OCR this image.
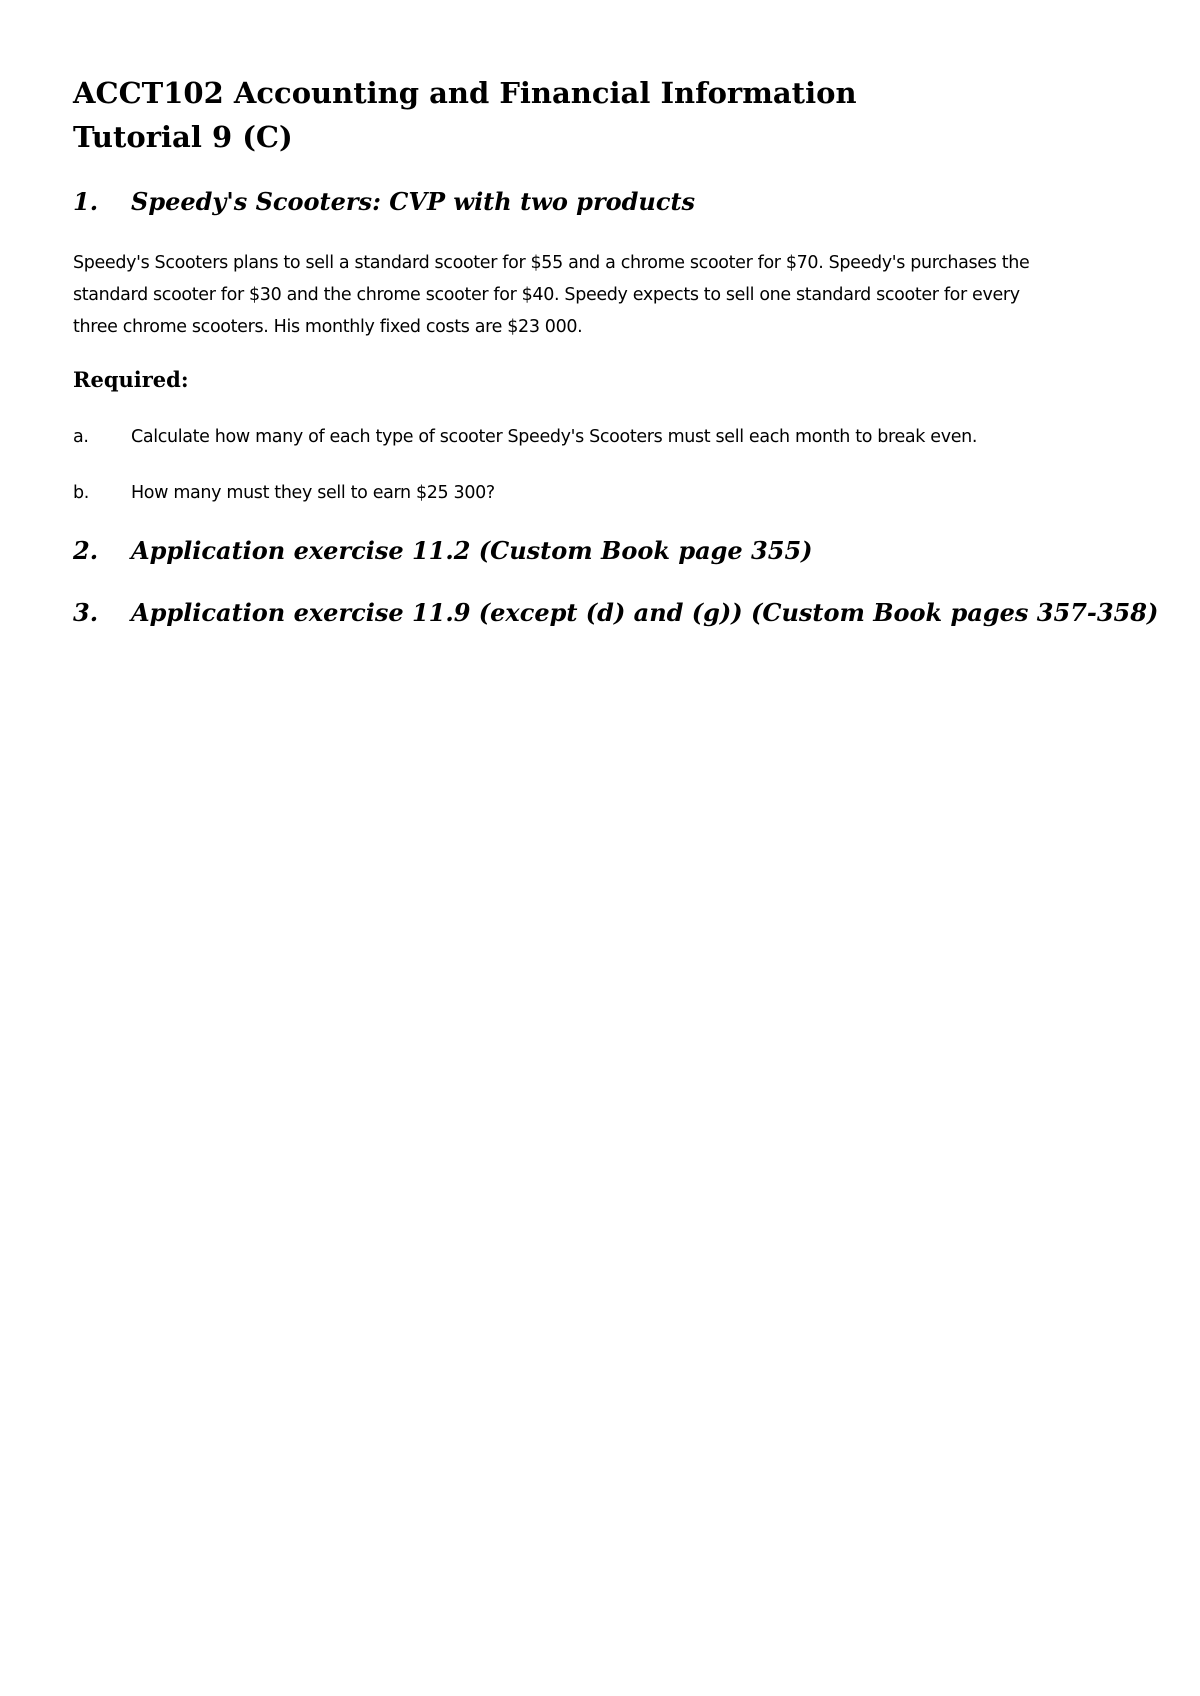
ACCT102 Accounting and Financial Information
Tutorial 9 (C)
1. Speedy's Scooters: CVP with two products
Speedy's Scooters plans to sell a standard scooter for $55 and a chrome scooter for $70. Speedy's purchases the
standard scooter for $30 and the chrome scooter for $40. Speedy expects to sell one standard scooter for every
three chrome scooters. His monthly fixed costs are $23 000.
Required:
a. Calculate how many of each type of scooter Speedy's Scooters must sell each month to break even.
b. How many must they sell to earn $25 300?
2. Application exercise 11.2 (Custom Book page 355)
3. Application exercise 11.9 (except (d) and (g)) (Custom Book pages 357-358)
